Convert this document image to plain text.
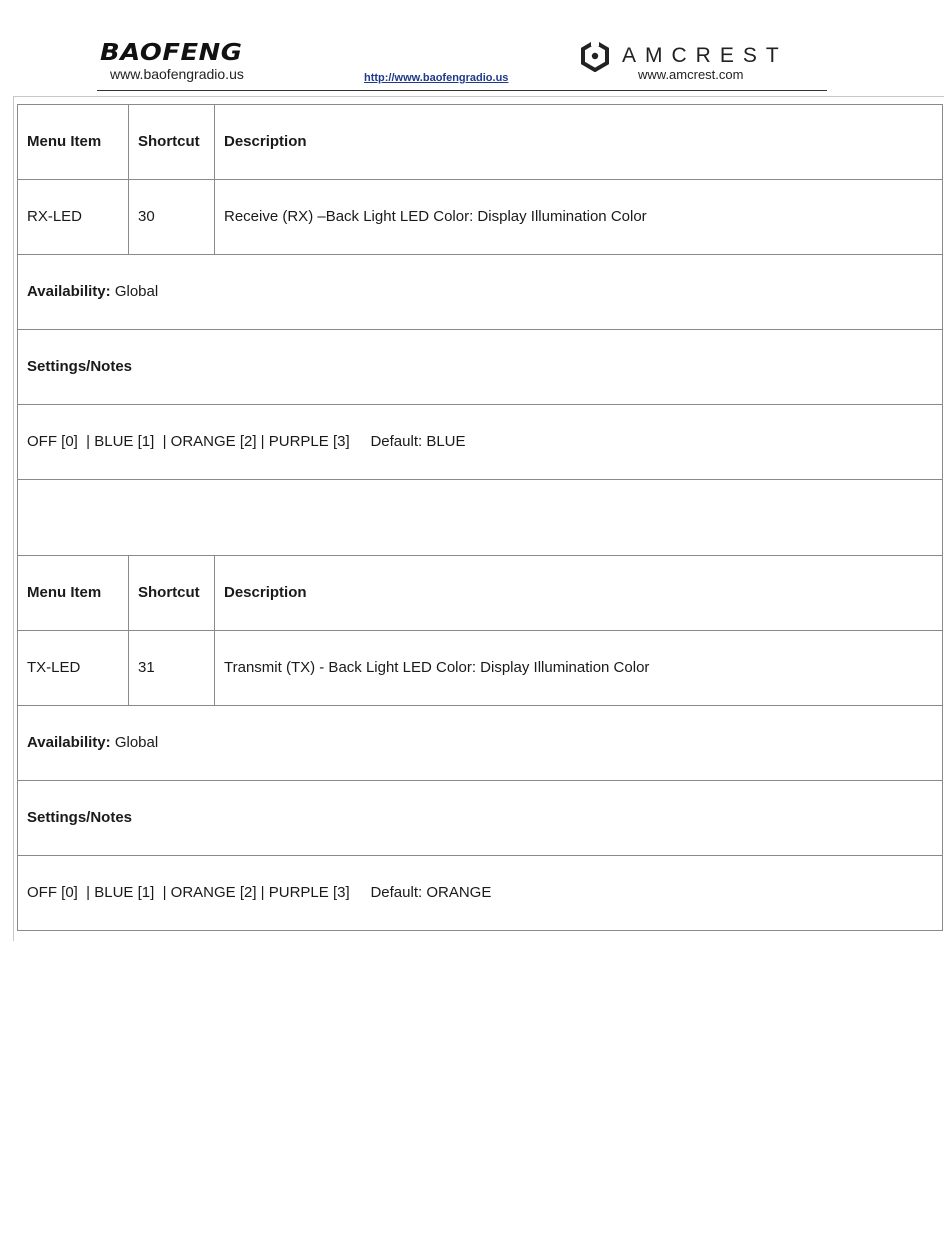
BAOFENG
www.baofengradio.us	http://www.baofengradio.us
AMCREST
www.amcrest.com
Menu Item	Shortcut	Description
RX-LED	30	Receive (RX) –Back Light LED Color: Display Illumination Color
Availability: Global		
Settings/Notes		
OFF [0]  | BLUE [1]  | ORANGE [2] | PURPLE [3]     Default: BLUE		

Menu Item	Shortcut	Description
TX-LED	31	Transmit (TX) - Back Light LED Color: Display Illumination Color
Availability: Global		
Settings/Notes		
OFF [0]  | BLUE [1]  | ORANGE [2] | PURPLE [3]     Default: ORANGE		
